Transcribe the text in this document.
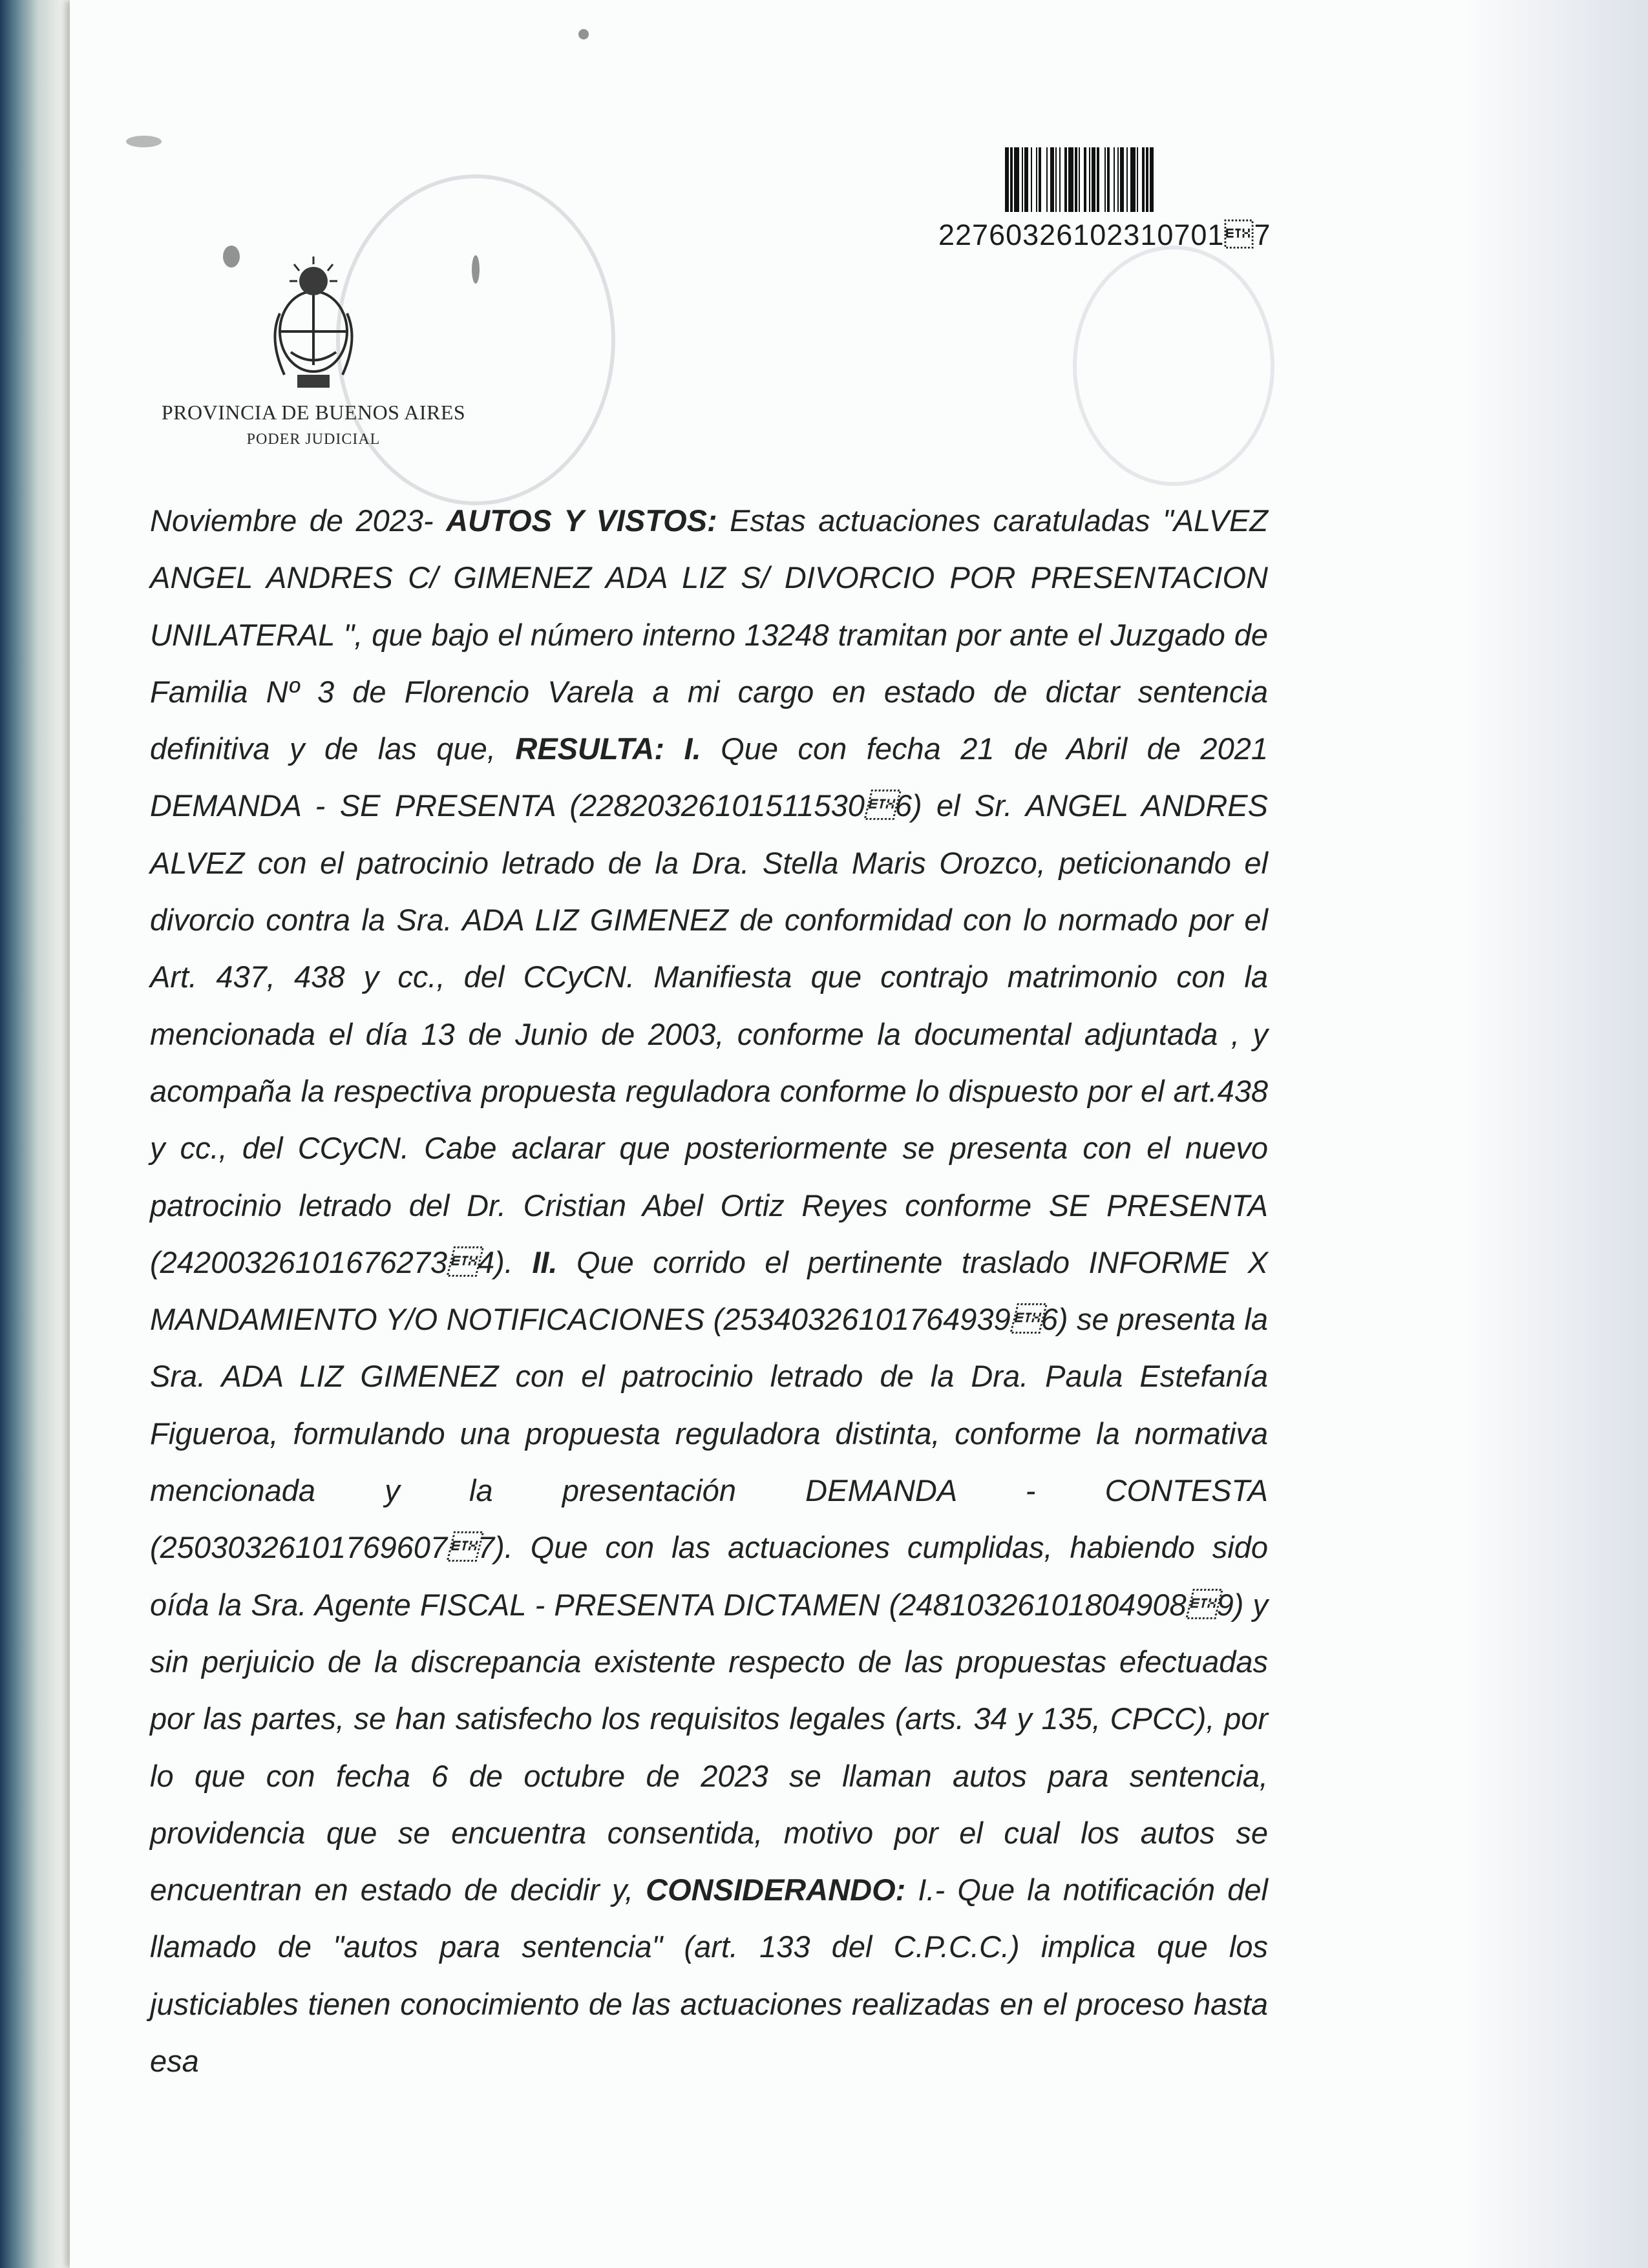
227603261023107017
PROVINCIA DE BUENOS AIRES
PODER JUDICIAL

Noviembre de 2023- AUTOS Y VISTOS: Estas actuaciones caratuladas "ALVEZ ANGEL ANDRES C/ GIMENEZ ADA LIZ S/ DIVORCIO POR PRESENTACION UNILATERAL ", que bajo el número interno 13248 tramitan por ante el Juzgado de Familia Nº 3 de Florencio Varela a mi cargo en estado de dictar sentencia definitiva y de las que, RESULTA: I. Que con fecha 21 de Abril de 2021 DEMANDA - SE PRESENTA (228203261015115306) el Sr. ANGEL ANDRES ALVEZ con el patrocinio letrado de la Dra. Stella Maris Orozco, peticionando el divorcio contra la Sra. ADA LIZ GIMENEZ de conformidad con lo normado por el Art. 437, 438 y cc., del CCyCN. Manifiesta que contrajo matrimonio con la mencionada el día 13 de Junio de 2003, conforme la documental adjuntada , y acompaña la respectiva propuesta reguladora conforme lo dispuesto por el art.438 y cc., del CCyCN. Cabe aclarar que posteriormente se presenta con el nuevo patrocinio letrado del Dr. Cristian Abel Ortiz Reyes conforme SE PRESENTA (242003261016762734). II. Que corrido el pertinente traslado INFORME X MANDAMIENTO Y/O NOTIFICACIONES (253403261017649396) se presenta la Sra. ADA LIZ GIMENEZ con el patrocinio letrado de la Dra. Paula Estefanía Figueroa, formulando una propuesta reguladora distinta, conforme la normativa mencionada y la presentación DEMANDA - CONTESTA (250303261017696077). Que con las actuaciones cumplidas, habiendo sido oída la Sra. Agente FISCAL - PRESENTA DICTAMEN (248103261018049089) y sin perjuicio de la discrepancia existente respecto de las propuestas efectuadas por las partes, se han satisfecho los requisitos legales (arts. 34 y 135, CPCC), por lo que con fecha 6 de octubre de 2023 se llaman autos para sentencia, providencia que se encuentra consentida, motivo por el cual los autos se encuentran en estado de decidir y, CONSIDERANDO: I.- Que la notificación del llamado de "autos para sentencia" (art. 133 del C.P.C.C.) implica que los justiciables tienen conocimiento de las actuaciones realizadas en el proceso hasta esa
